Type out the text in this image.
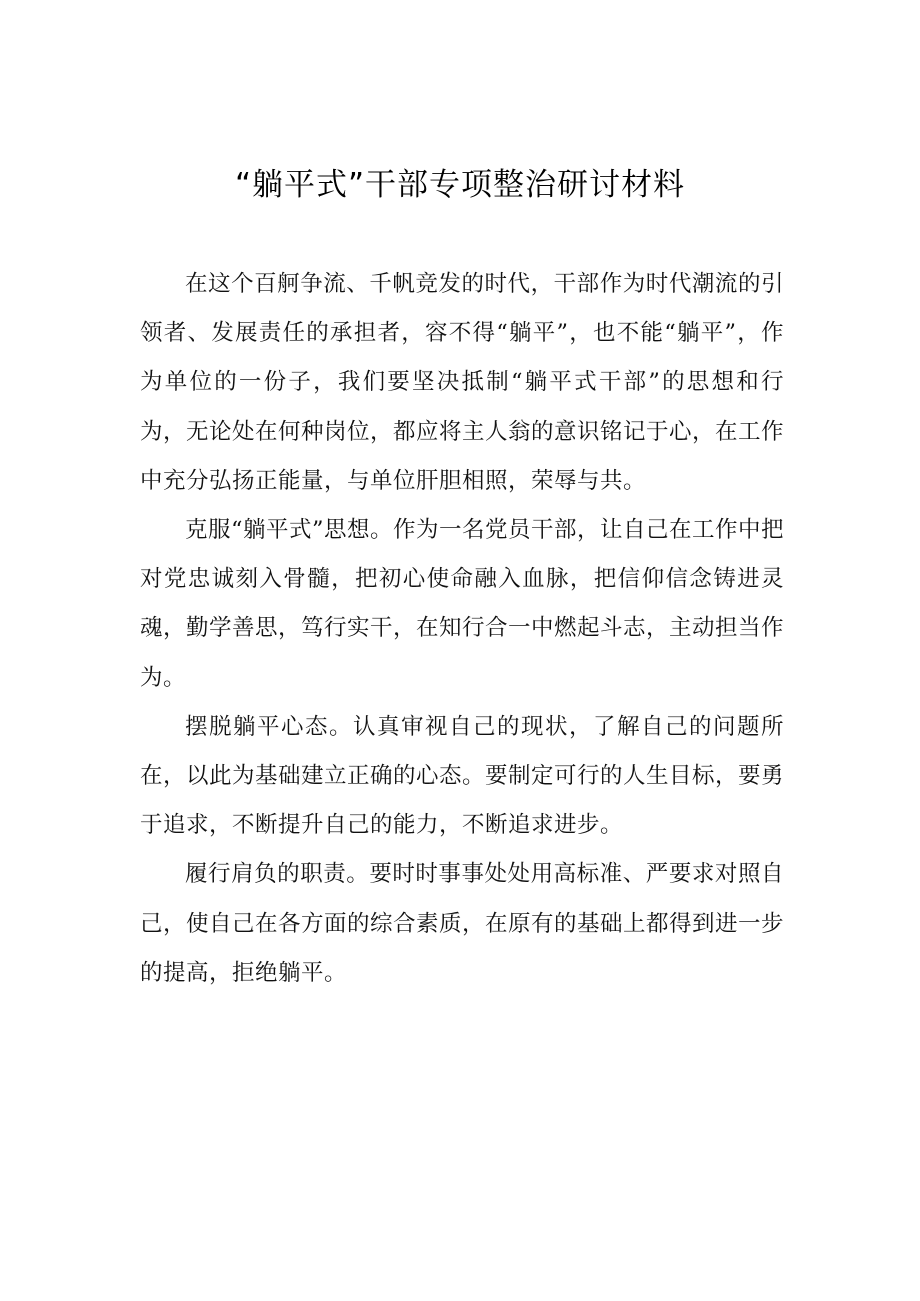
“躺平式”干部专项整治研讨材料

在这个百舸争流、千帆竞发的时代，干部作为时代潮流的引领者、发展责任的承担者，容不得“躺平”，也不能“躺平”，作为单位的一份子，我们要坚决抵制“躺平式干部”的思想和行为，无论处在何种岗位，都应将主人翁的意识铭记于心，在工作中充分弘扬正能量，与单位肝胆相照，荣辱与共。

克服“躺平式”思想。作为一名党员干部，让自己在工作中把对党忠诚刻入骨髓，把初心使命融入血脉，把信仰信念铸进灵魂，勤学善思，笃行实干，在知行合一中燃起斗志，主动担当作为。

摆脱躺平心态。认真审视自己的现状，了解自己的问题所在，以此为基础建立正确的心态。要制定可行的人生目标，要勇于追求，不断提升自己的能力，不断追求进步。

履行肩负的职责。要时时事事处处用高标准、严要求对照自己，使自己在各方面的综合素质，在原有的基础上都得到进一步的提高，拒绝躺平。
